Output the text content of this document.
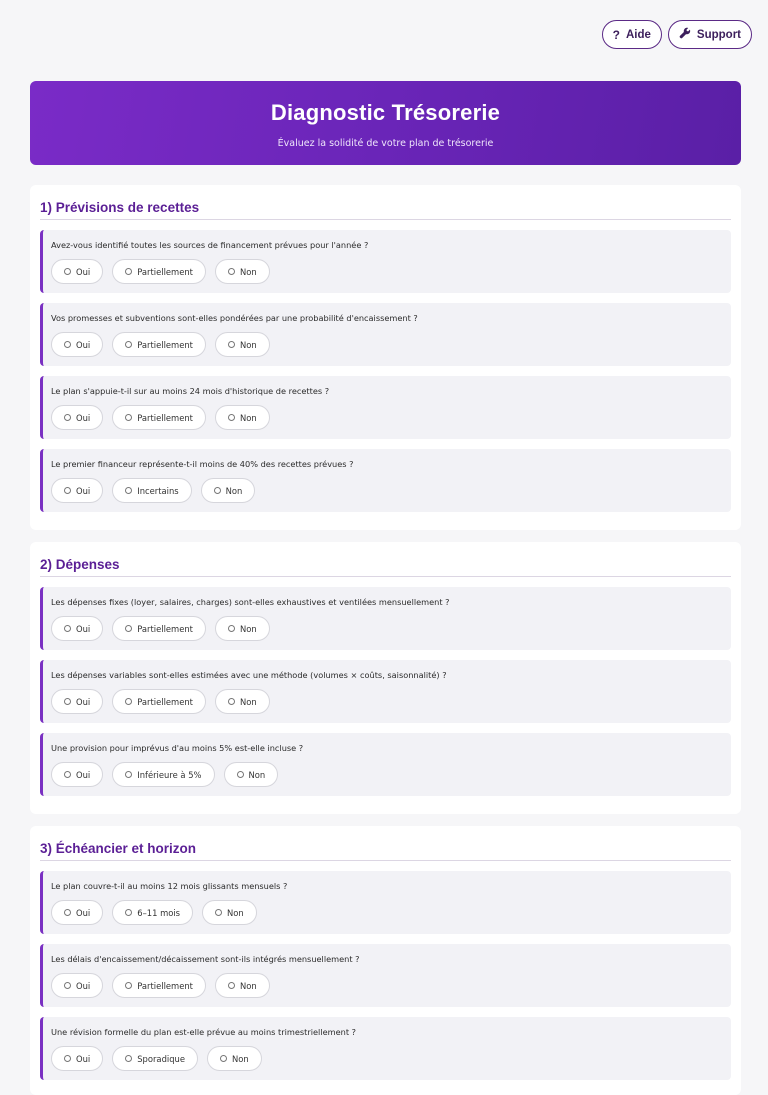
? Aide	Support
Diagnostic Trésorerie

Évaluez la solidité de votre plan de trésorerie

1) Prévisions de recettes
Avez-vous identifié toutes les sources de financement prévues pour l'année ?
Oui	Partiellement	Non
Vos promesses et subventions sont-elles pondérées par une probabilité d'encaissement ?
Oui	Partiellement	Non
Le plan s'appuie-t-il sur au moins 24 mois d'historique de recettes ?
Oui	Partiellement	Non
Le premier financeur représente-t-il moins de 40% des recettes prévues ?
Oui	Incertains	Non
2) Dépenses
Les dépenses fixes (loyer, salaires, charges) sont-elles exhaustives et ventilées mensuellement ?
Oui	Partiellement	Non
Les dépenses variables sont-elles estimées avec une méthode (volumes × coûts, saisonnalité) ?
Oui	Partiellement	Non
Une provision pour imprévus d'au moins 5% est-elle incluse ?
Oui	Inférieure à 5%	Non
3) Échéancier et horizon
Le plan couvre-t-il au moins 12 mois glissants mensuels ?
Oui	6–11 mois	Non
Les délais d'encaissement/décaissement sont-ils intégrés mensuellement ?
Oui	Partiellement	Non
Une révision formelle du plan est-elle prévue au moins trimestriellement ?
Oui	Sporadique	Non
